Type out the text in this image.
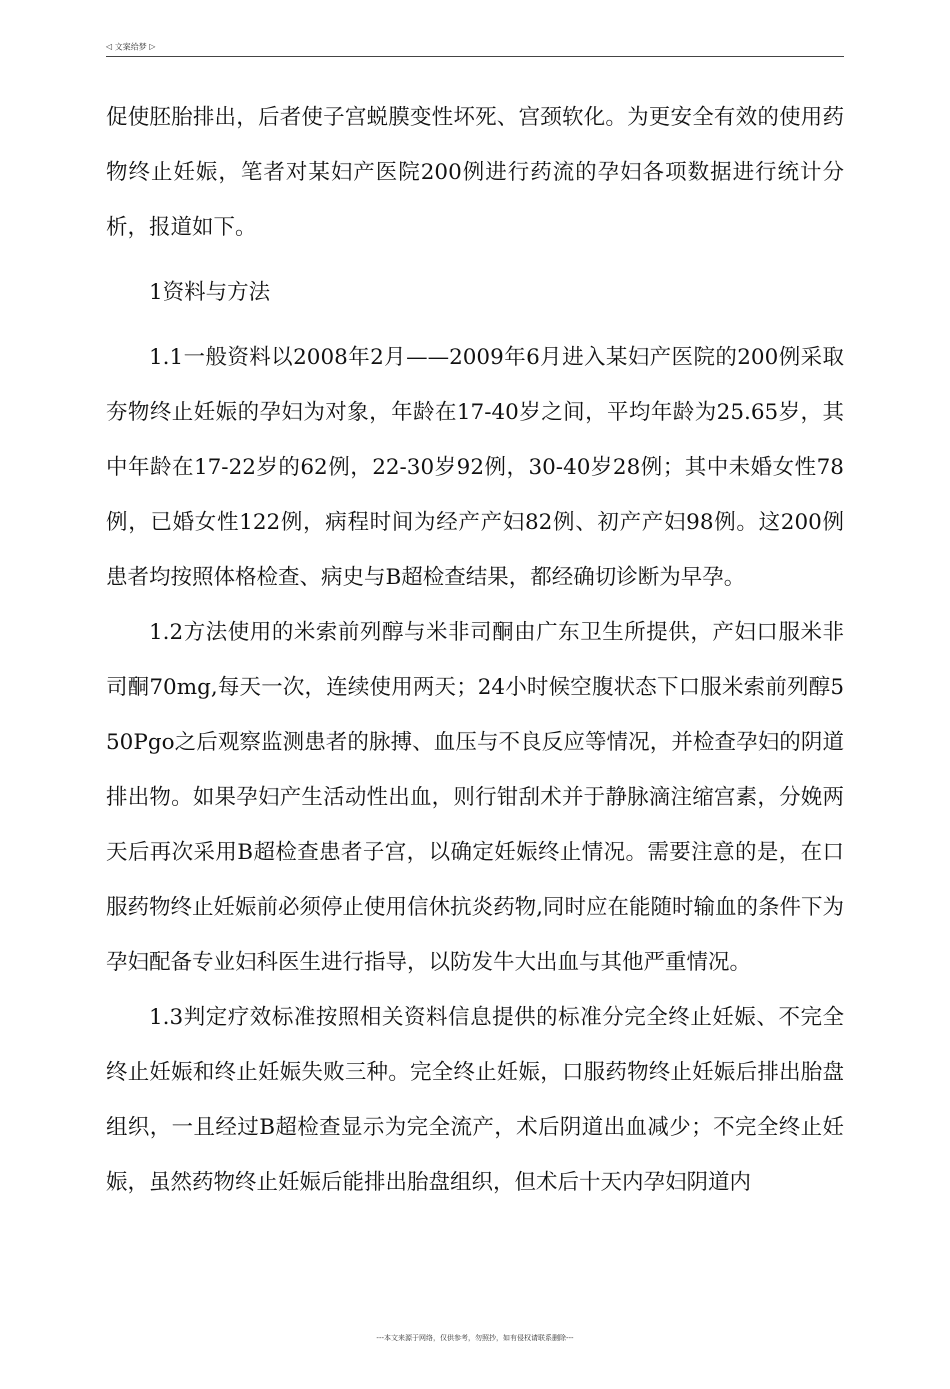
◁ 文案给梦 ▷

促使胚胎排出，后者使子宫蜕膜变性坏死、宫颈软化。为更安全有效的使用药物终止妊娠，笔者对某妇产医院200例进行药流的孕妇各项数据进行统计分析，报道如下。

1资料与方法

1.1一般资料以2008年2月——2009年6月进入某妇产医院的200例采取夯物终止妊娠的孕妇为对象，年龄在17-40岁之间，平均年龄为25.65岁，其中年龄在17-22岁的62例，22-30岁92例，30-40岁28例；其中未婚女性78例，已婚女性122例，病程时间为经产产妇82例、初产产妇98例。这200例患者均按照体格检查、病史与B超检查结果，都经确切诊断为早孕。

1.2方法使用的米索前列醇与米非司酮由广东卫生所提供，产妇口服米非司酮70mg,每天一次，连续使用两天；24小时候空腹状态下口服米索前列醇550Pgo之后观察监测患者的脉搏、血压与不良反应等情况，并检查孕妇的阴道排出物。如果孕妇产生活动性出血，则行钳刮术并于静脉滴注缩宫素，分娩两天后再次采用B超检查患者子宫，以确定妊娠终止情况。需要注意的是，在口服药物终止妊娠前必须停止使用信休抗炎药物,同时应在能随时输血的条件下为孕妇配备专业妇科医生进行指导，以防发牛大出血与其他严重情况。

1.3判定疗效标准按照相关资料信息提供的标准分完全终止妊娠、不完全终止妊娠和终止妊娠失败三种。完全终止妊娠，口服药物终止妊娠后排出胎盘组织，一且经过B超检查显示为完全流产，术后阴道出血减少；不完全终止妊娠，虽然药物终止妊娠后能排出胎盘组织，但术后十天内孕妇阴道内

---本文来源于网络，仅供参考，勿照抄，如有侵权请联系删除---
